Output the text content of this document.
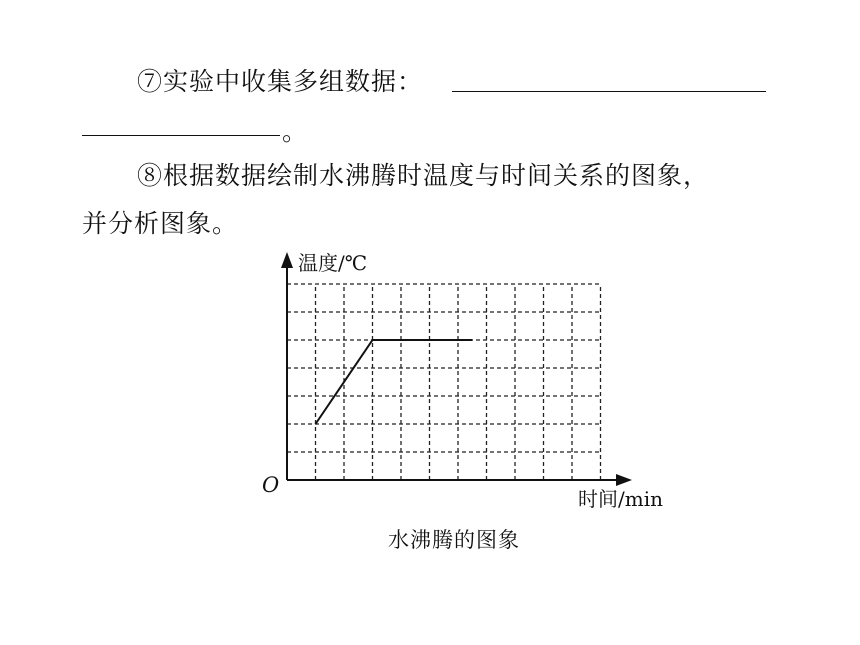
⑦实验中收集多组数据：
。
⑧根据数据绘制水沸腾时温度与时间关系的图象，
并分析图象。
温度/℃
时间/min
O
水沸腾的图象
